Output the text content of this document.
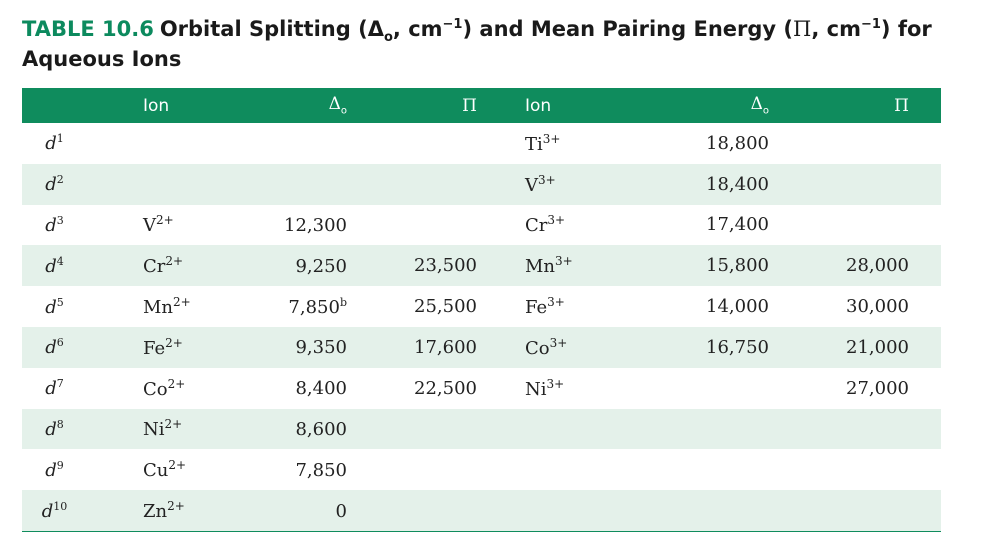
TABLE 10.6 Orbital Splitting ($\Delta_o$, $cm^{-1}$) and Mean Pairing Energy (Π, $cm^{-1}$) for Aqueous Ions
	Ion	$\Delta_o$	Π	Ion	$\Delta_o$	Π
$d^1$				$Ti^{3+}$	18,800	
$d^2$				$V^{3+}$	18,400	
$d^3$	$V^{2+}$	12,300		$Cr^{3+}$	17,400	
$d^4$	$Cr^{2+}$	9,250	23,500	$Mn^{3+}$	15,800	28,000
$d^5$	$Mn^{2+}$	7,850$^b$	25,500	$Fe^{3+}$	14,000	30,000
$d^6$	$Fe^{2+}$	9,350	17,600	$Co^{3+}$	16,750	21,000
$d^7$	$Co^{2+}$	8,400	22,500	$Ni^{3+}$		27,000
$d^8$	$Ni^{2+}$	8,600				
$d^9$	$Cu^{2+}$	7,850				
$d^{10}$	$Zn^{2+}$	0				
